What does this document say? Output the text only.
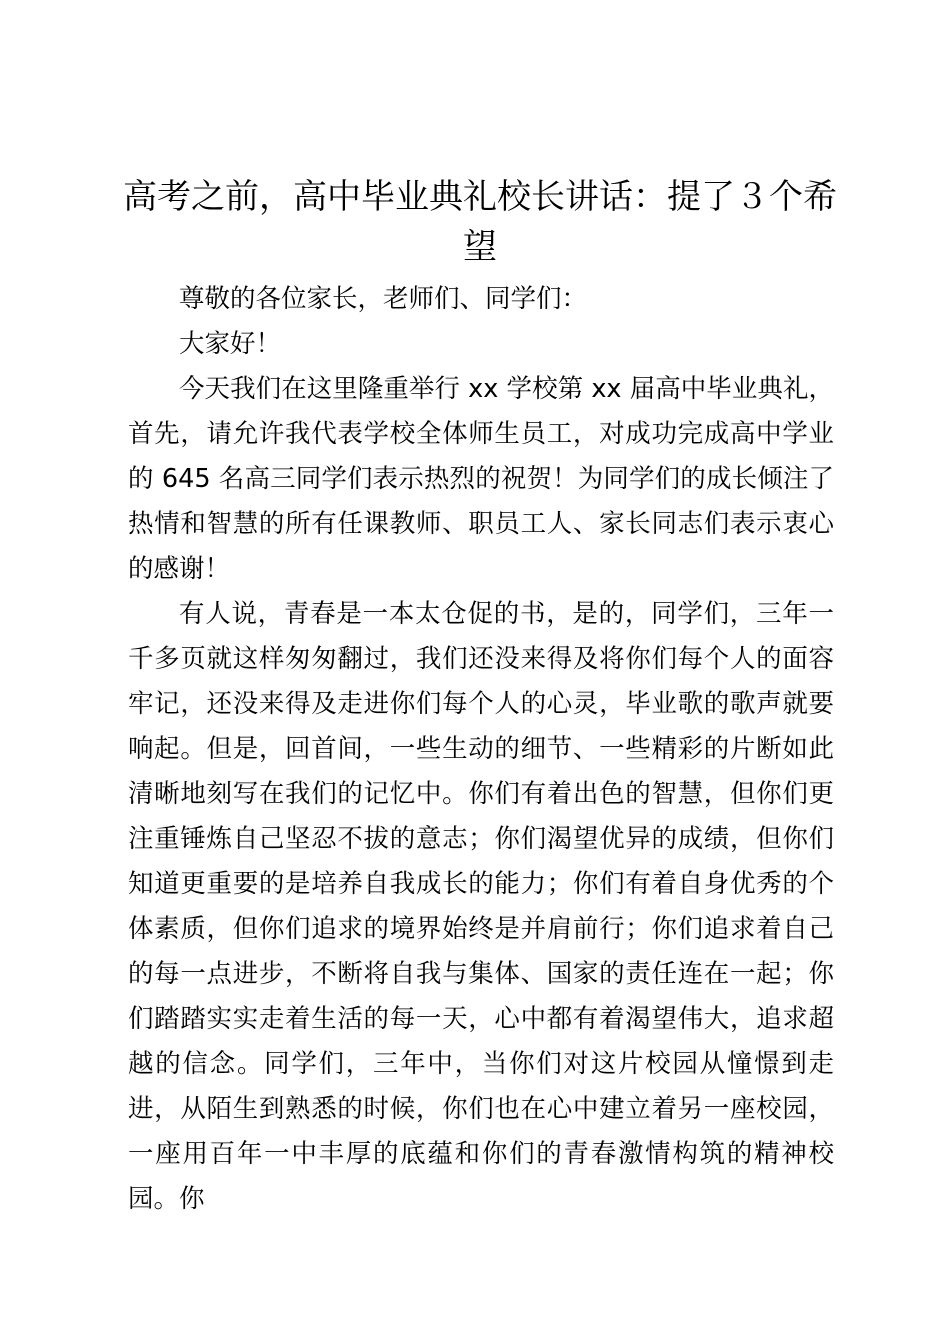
高考之前，高中毕业典礼校长讲话：提了３个希望

尊敬的各位家长，老师们、同学们：

大家好！

今天我们在这里隆重举行 xx 学校第 xx 届高中毕业典礼，首先，请允许我代表学校全体师生员工，对成功完成高中学业的 645 名高三同学们表示热烈的祝贺！为同学们的成长倾注了热情和智慧的所有任课教师、职员工人、家长同志们表示衷心的感谢！

有人说，青春是一本太仓促的书，是的，同学们，三年一千多页就这样匆匆翻过，我们还没来得及将你们每个人的面容牢记，还没来得及走进你们每个人的心灵，毕业歌的歌声就要响起。但是，回首间，一些生动的细节、一些精彩的片断如此清晰地刻写在我们的记忆中。你们有着出色的智慧，但你们更注重锤炼自己坚忍不拔的意志；你们渴望优异的成绩，但你们知道更重要的是培养自我成长的能力；你们有着自身优秀的个体素质，但你们追求的境界始终是并肩前行；你们追求着自己的每一点进步，不断将自我与集体、国家的责任连在一起；你们踏踏实实走着生活的每一天，心中都有着渴望伟大，追求超越的信念。同学们，三年中，当你们对这片校园从憧憬到走进，从陌生到熟悉的时候，你们也在心中建立着另一座校园，一座用百年一中丰厚的底蕴和你们的青春激情构筑的精神校园。你
